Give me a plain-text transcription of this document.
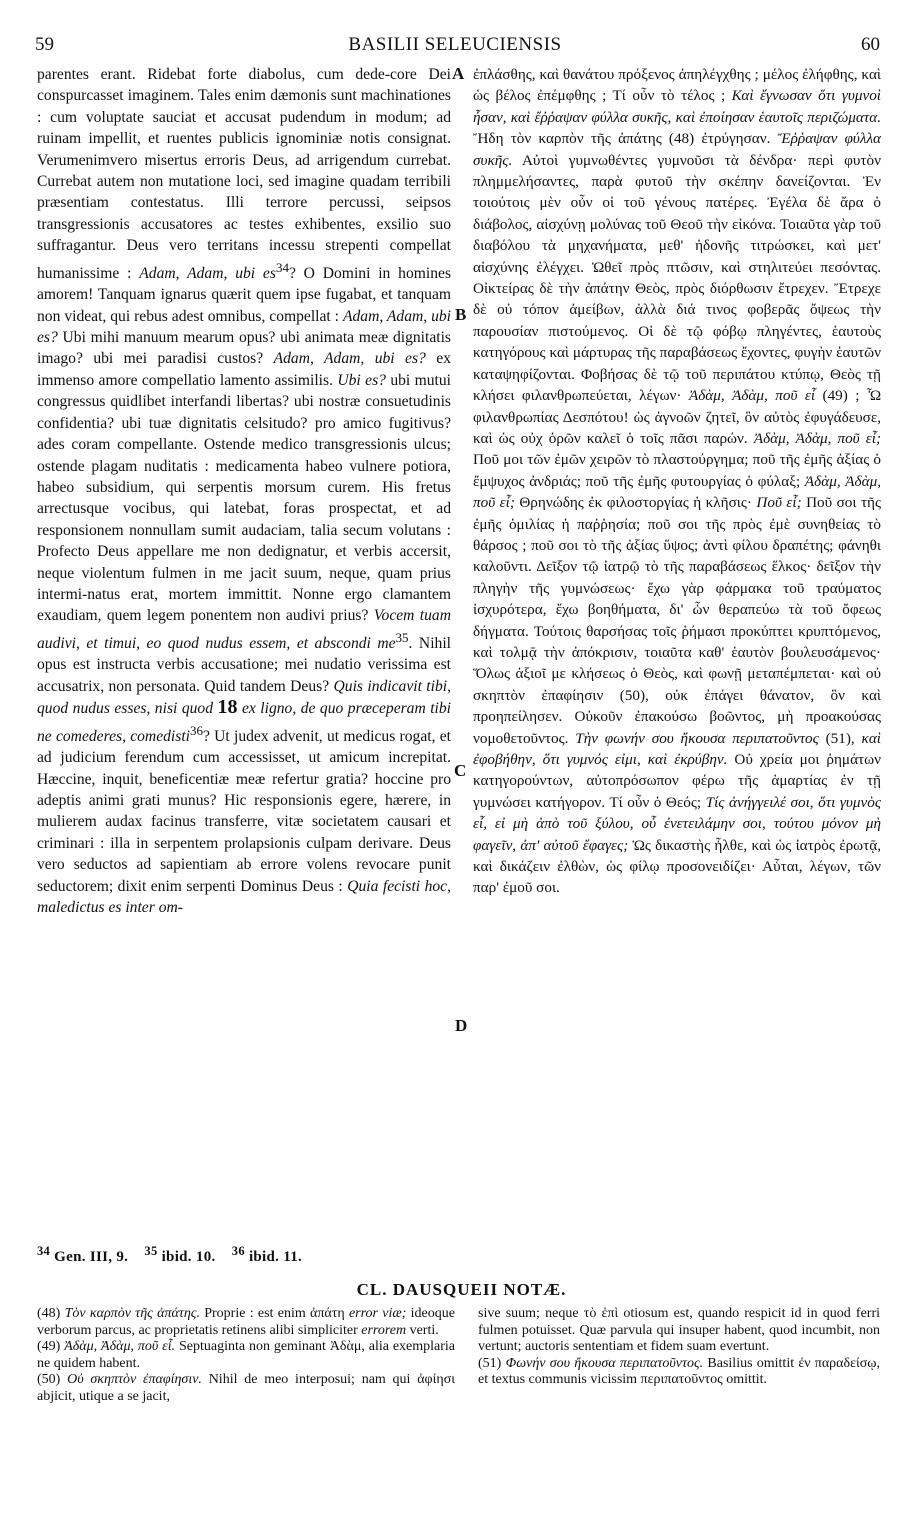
59	BASILII SELEUCIENSIS	60

parentes erant. Ridebat forte diabolus, cum dede-core Dei conspurcasset imaginem. Tales enim dæmonis sunt machinationes : cum voluptate sauciat et accusat pudendum in modum; ad ruinam impellit, et ruentes publicis ignominiæ notis consignat. Verumenimvero misertus erroris Deus, ad arrigendum currebat. Currebat autem non mutatione loci, sed imagine quadam terribili præsentiam contestatus. Illi terrore percussi, seipsos transgressionis accusatores ac testes exhibentes, exsilio suo suffragantur. Deus vero territans incessu strepenti compellat humanissime : Adam, Adam, ubi $es^{34}$? O Domini in homines amorem! Tanquam ignarus quærit quem ipse fugabat, et tanquam non videat, qui rebus adest omnibus, compellat : Adam, Adam, ubi es? Ubi mihi manuum mearum opus? ubi animata meæ dignitatis imago? ubi mei paradisi custos? Adam, Adam, ubi es? ex immenso amore compellatio lamento assimilis. Ubi es? ubi mutui congressus quidlibet interfandi libertas? ubi nostræ consuetudinis confidentia? ubi tuæ dignitatis celsitudo? pro amico fugitivus? ades coram compellante. Ostende medico transgressionis ulcus; ostende plagam nuditatis : medicamenta habeo vulnere potiora, habeo subsidium, qui serpentis morsum curem. His fretus arrectusque vocibus, qui latebat, foras prospectat, et ad responsionem nonnullam sumit audaciam, talia secum volutans : Profecto Deus appellare me non dedignatur, et verbis accersit, neque violentum fulmen in me jacit suum, neque, quam prius intermi-natus erat, mortem immittit. Nonne ergo clamantem exaudiam, quem legem ponentem non audivi prius? Vocem tuam audivi, et timui, eo quod nudus essem, et abscondi $me^{35}$. Nihil opus est instructa verbis accusatione; mei nudatio verissima est accusatrix, non personata. Quid tandem Deus? Quis indicavit tibi, quod nudus esses, nisi quod 18 ex ligno, de quo præceperam tibi ne comederes, comedisti$^{36}$? Ut judex advenit, ut medicus rogat, et ad judicium ferendum cum accessisset, ut amicum increpitat. Hæccine, inquit, beneficentiæ meæ refertur gratia? hoccine pro adeptis animi grati munus? Hic responsionis egere, hærere, in mulierem audax facinus transferre, vitæ societatem causari et criminari : illa in serpentem prolapsionis culpam derivare. Deus vero seductos ad sapientiam ab errore volens revocare punit seductorem; dixit enim serpenti Dominus Deus : Quia fecisti hoc, maledictus es inter om-

A
B
C
D

ἐπλάσθης, καὶ θανάτου πρόξενος ἀπηλέγχθης ; μέλος ἐλήφθης, καὶ ὡς βέλος ἐπέμφθης ; Τί οὖν τὸ τέλος ; Καὶ ἔγνωσαν ὅτι γυμνοὶ ἦσαν, καὶ ἔῤῥαψαν φύλλα συκῆς, καὶ ἐποίησαν ἑαυτοῖς περιζώματα. Ἤδη τὸν καρπὸν τῆς ἀπάτης (48) ἐτρύγησαν. Ἔῤῥαψαν φύλλα συκῆς. Αὐτοὶ γυμνωθέντες γυμνοῦσι τὰ δένδρα· περὶ φυτὸν πλημμελήσαντες, παρὰ φυτοῦ τὴν σκέπην δανείζονται. Ἐν τοιούτοις μὲν οὖν οἱ τοῦ γένους πατέρες. Ἐγέλα δὲ ἄρα ὁ διάβολος, αἰσχύνῃ μολύνας τοῦ Θεοῦ τὴν εἰκόνα. Τοιαῦτα γὰρ τοῦ διαβόλου τὰ μηχανήματα, μεθ' ἡδονῆς τιτρώσκει, καὶ μετ' αἰσχύνης ἐλέγχει. Ὠθεῖ πρὸς πτῶσιν, καὶ στηλιτεύει πεσόντας. Οἰκτείρας δὲ τὴν ἀπάτην Θεὸς, πρὸς διόρθωσιν ἔτρεχεν. Ἔτρεχε δὲ οὐ τόπον ἀμείβων, ἀλλὰ διά τινος φοβερᾶς ὄψεως τὴν παρουσίαν πιστούμενος. Οἱ δὲ τῷ φόβῳ πληγέντες, ἑαυτοὺς κατηγόρους καὶ μάρτυρας τῆς παραβάσεως ἔχοντες, φυγὴν ἑαυτῶν καταψηφίζονται. Φοβήσας δὲ τῷ τοῦ περιπάτου κτύπῳ, Θεὸς τῇ κλήσει φιλανθρωπεύεται, λέγων· Ἀδὰμ, Ἀδὰμ, ποῦ εἶ (49) ; Ὦ φιλανθρωπίας Δεσπότου! ὡς ἀγνοῶν ζητεῖ, ὃν αὐτὸς ἐφυγάδευσε, καὶ ὡς οὐχ ὁρῶν καλεῖ ὁ τοῖς πᾶσι παρών. Ἀδὰμ, Ἀδὰμ, ποῦ εἶ; Ποῦ μοι τῶν ἐμῶν χειρῶν τὸ πλαστούργημα; ποῦ τῆς ἐμῆς ἀξίας ὁ ἔμψυχος ἀνδριάς; ποῦ τῆς ἐμῆς φυτουργίας ὁ φύλαξ; Ἀδὰμ, Ἀδὰμ, ποῦ εἶ; Θρηνώδης ἐκ φιλοστοργίας ἡ κλῆσις· Ποῦ εἶ; Ποῦ σοι τῆς ἐμῆς ὁμιλίας ἡ παῤῥησία; ποῦ σοι τῆς πρὸς ἐμὲ συνηθείας τὸ θάρσος ; ποῦ σοι τὸ τῆς ἀξίας ὕψος; ἀντὶ φίλου δραπέτης; φάνηθι καλοῦντι. Δεῖξον τῷ ἰατρῷ τὸ τῆς παραβάσεως ἕλκος· δεῖξον τὴν πληγὴν τῆς γυμνώσεως· ἔχω γὰρ φάρμακα τοῦ τραύματος ἰσχυρότερα, ἔχω βοηθήματα, δι' ὧν θεραπεύω τὰ τοῦ ὄφεως δήγματα. Τούτοις θαρσήσας τοῖς ῥήμασι προκύπτει κρυπτόμενος, καὶ τολμᾷ τὴν ἀπόκρισιν, τοιαῦτα καθ' ἑαυτὸν βουλευσάμενος· Ὅλως ἀξιοῖ με κλήσεως ὁ Θεὸς, καὶ φωνῇ μεταπέμπεται· καὶ οὐ σκηπτὸν ἐπαφίησιν (50), οὐκ ἐπάγει θάνατον, ὃν καὶ προηπείλησεν. Οὐκοῦν ἐπακούσω βοῶντος, μὴ προακούσας νομοθετοῦντος. Τὴν φωνήν σου ἤκουσα περιπατοῦντος (51), καὶ ἐφοβήθην, ὅτι γυμνός εἰμι, καὶ ἐκρύβην. Οὐ χρεία μοι ῥημάτων κατηγορούντων, αὐτοπρόσωπον φέρω τῆς ἁμαρτίας ἐν τῇ γυμνώσει κατήγορον. Τί οὖν ὁ Θεός; Τίς ἀνήγγειλέ σοι, ὅτι γυμνὸς εἶ, εἰ μὴ ἀπὸ τοῦ ξύλου, οὗ ἐνετειλάμην σοι, τούτου μόνον μὴ φαγεῖν, ἀπ' αὐτοῦ ἔφαγες; Ὡς δικαστὴς ἦλθε, καὶ ὡς ἰατρὸς ἐρωτᾷ, καὶ δικάζειν ἐλθὼν, ὡς φίλῳ προσονειδίζει· Αὗται, λέγων, τῶν παρ' ἐμοῦ σοι.

$^{34}$ Gen. III, 9. $^{35}$ ibid. 10. $^{36}$ ibid. 11.
CL. DAUSQUEII NOTÆ.

(48) Τὸν καρπὸν τῆς ἀπάτης. Proprie : est enim ἀπάτη error viæ; ideoque verborum parcus, ac proprietatis retinens alibi simpliciter errorem verti.

(49) Ἀδὰμ, Ἀδὰμ, ποῦ εἶ. Septuaginta non geminant Ἀδὰμ, alia exemplaria ne quidem habent.

(50) Οὐ σκηπτὸν ἐπαφίησιν. Nihil de meo interposui; nam qui ἀφίησι abjicit, utique a se jacit,

sive suum; neque τὸ ἐπὶ otiosum est, quando respicit id in quod ferri fulmen potuisset. Quæ parvula qui insuper habent, quod incumbit, non vertunt; auctoris sententiam et fidem suam evertunt.

(51) Φωνήν σου ἤκουσα περιπατοῦντος. Basilius omittit ἐν παραδείσῳ, et textus communis vicissim περιπατοῦντος omittit.
